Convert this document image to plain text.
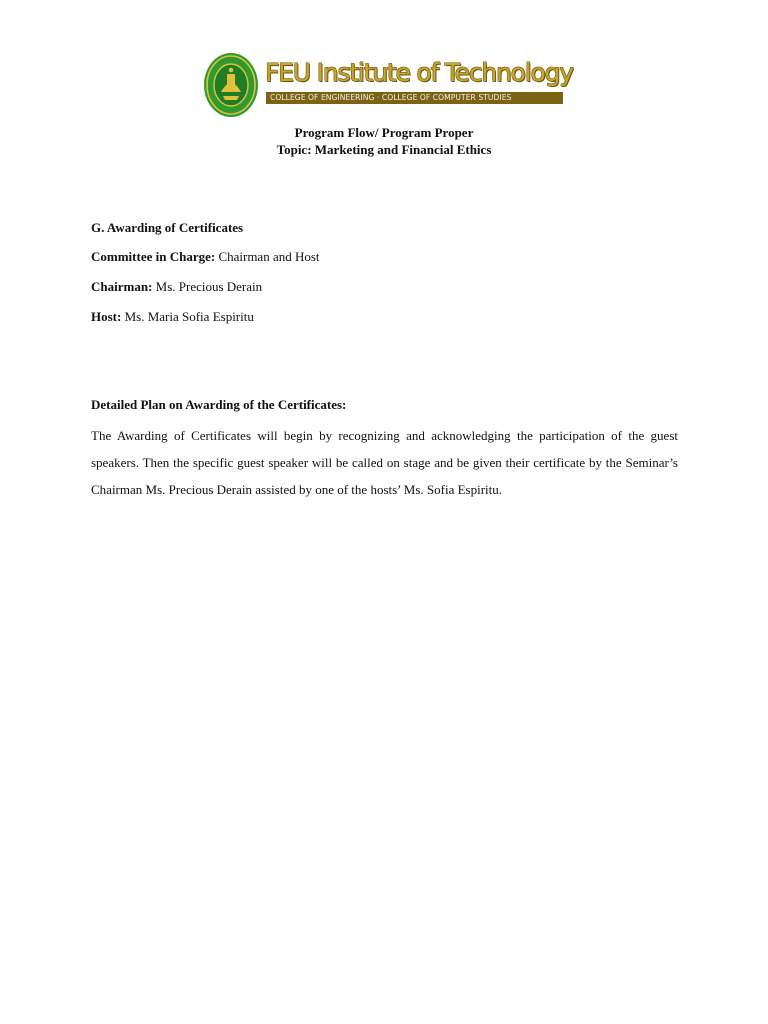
FEU Institute of Technology
COLLEGE OF ENGINEERING · COLLEGE OF COMPUTER STUDIES
Program Flow/ Program Proper
Topic: Marketing and Financial Ethics
G. Awarding of Certificates
Committee in Charge: Chairman and Host
Chairman: Ms. Precious Derain
Host: Ms. Maria Sofia Espiritu
Detailed Plan on Awarding of the Certificates:
The Awarding of Certificates will begin by recognizing and acknowledging the participation of the guest speakers. Then the specific guest speaker will be called on stage and be given their certificate by the Seminar’s Chairman Ms. Precious Derain assisted by one of the hosts’ Ms. Sofia Espiritu.
